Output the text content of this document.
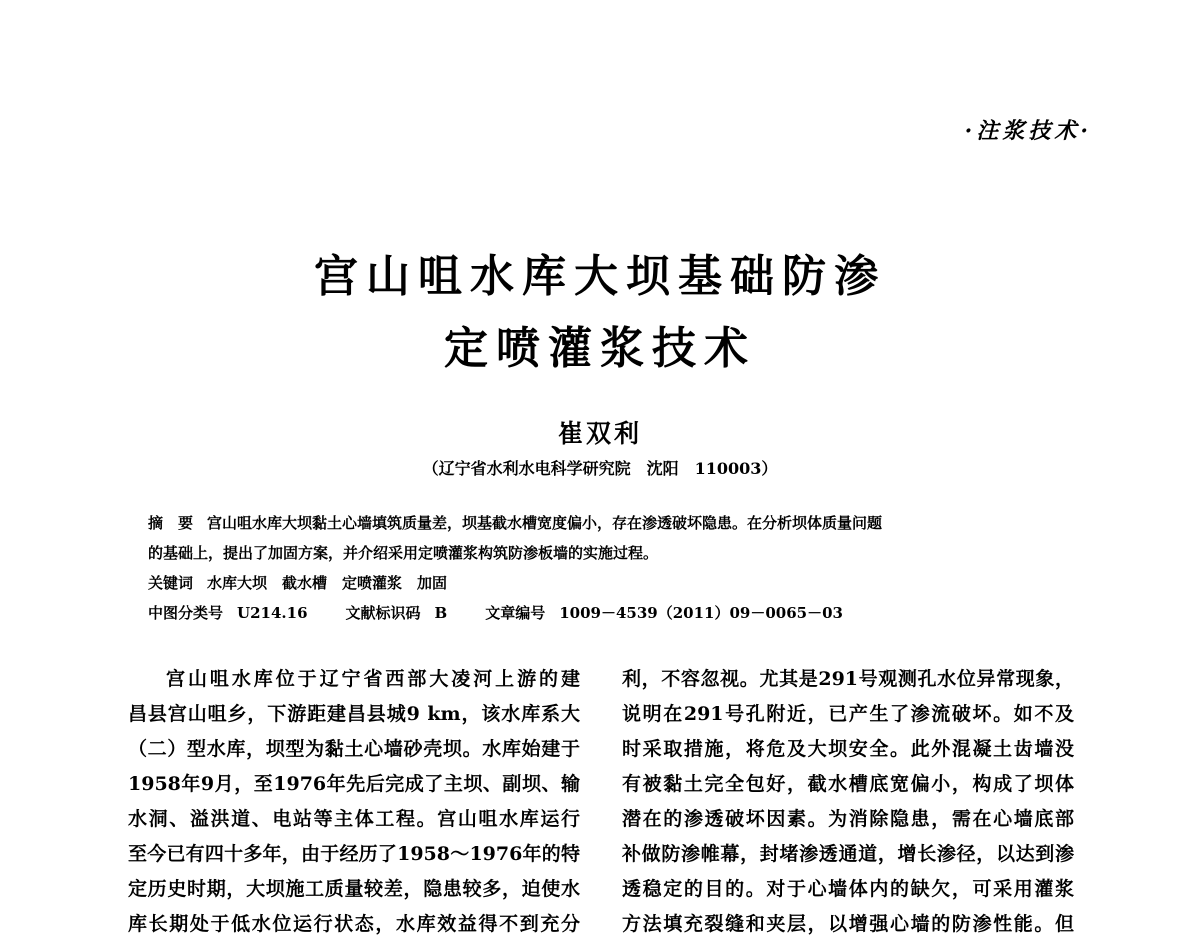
·注浆技术·
宫山咀水库大坝基础防渗
定喷灌浆技术
崔双利
（辽宁省水利水电科学研究院　沈阳　110003）
摘　要 宫山咀水库大坝黏土心墙填筑质量差，坝基截水槽宽度偏小，存在渗透破坏隐患。在分析坝体质量问题
的基础上，提出了加固方案，并介绍采用定喷灌浆构筑防渗板墙的实施过程。
关键词 水库大坝　截水槽　定喷灌浆　加固
中图分类号 U214.16	文献标识码 B	文章编号 1009－4539（2011）09－0065－03
宫山咀水库位于辽宁省西部大凌河上游的建
昌县宫山咀乡，下游距建昌县城9 km，该水库系大
（二）型水库，坝型为黏土心墙砂壳坝。水库始建于
1958年9月，至1976年先后完成了主坝、副坝、输
水洞、溢洪道、电站等主体工程。宫山咀水库运行
至今已有四十多年，由于经历了1958～1976年的特
定历史时期，大坝施工质量较差，隐患较多，迫使水
库长期处于低水位运行状态，水库效益得不到充分
利，不容忽视。尤其是291号观测孔水位异常现象，
说明在291号孔附近，已产生了渗流破坏。如不及
时采取措施，将危及大坝安全。此外混凝土齿墙没
有被黏土完全包好，截水槽底宽偏小，构成了坝体
潜在的渗透破坏因素。为消除隐患，需在心墙底部
补做防渗帷幕，封堵渗透通道，增长渗径，以达到渗
透稳定的目的。对于心墙体内的缺欠，可采用灌浆
方法填充裂缝和夹层，以增强心墙的防渗性能。但
